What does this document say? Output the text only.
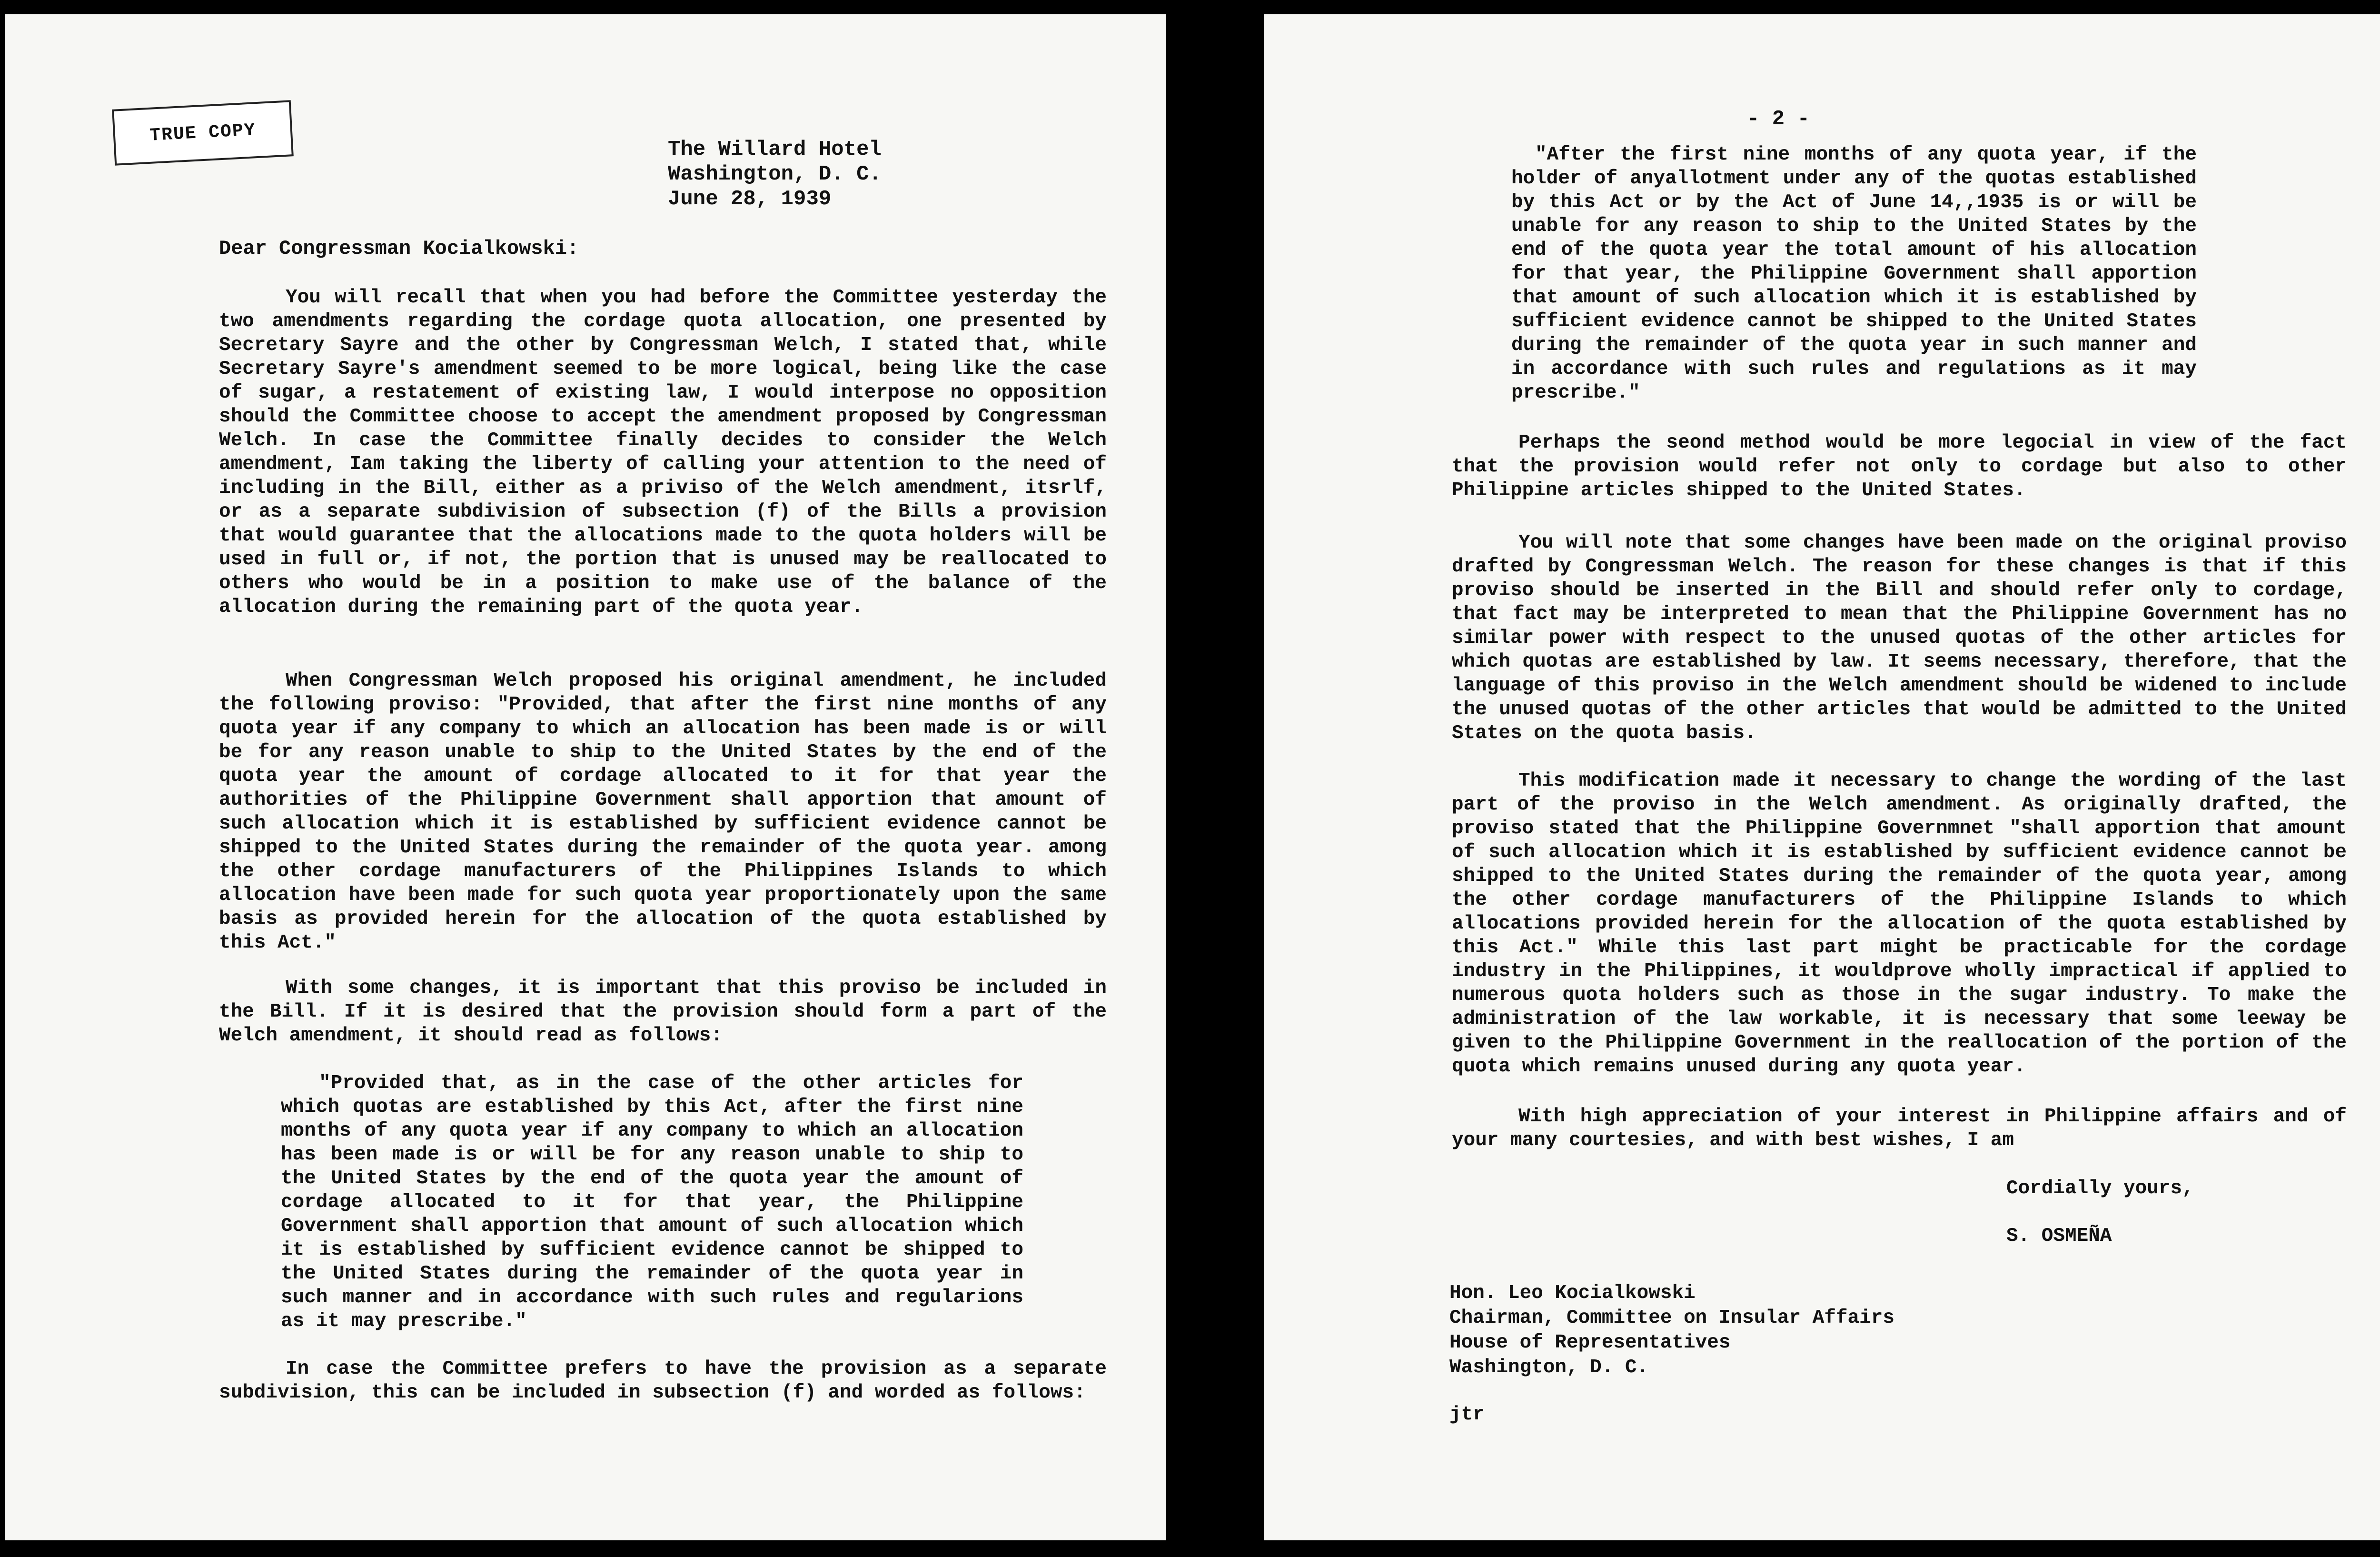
TRUE COPY
The Willard Hotel
Washington, D. C.
June 28, 1939
Dear Congressman Kocialkowski:
You will recall that when you had before the Committee yesterday the two amendments regarding the cordage quota allocation, one presented by Secretary Sayre and the other by Congressman Welch, I stated that, while Secretary Sayre's amendment seemed to be more logical, being like the case of sugar, a restatement of existing law, I would interpose no opposition should the Committee choose to accept the amendment proposed by Congressman Welch. In case the Committee finally decides to consider the Welch amendment, Iam taking the liberty of calling your attention to the need of including in the Bill, either as a priviso of the Welch amendment, itsrlf, or as a separate subdivision of subsection (f) of the Bills a provision that would guarantee that the allocations made to the quota holders will be used in full or, if not, the portion that is unused may be reallocated to others who would be in a position to make use of the balance of the allocation during the remaining part of the quota year.
When Congressman Welch proposed his original amendment, he included the following proviso: "Provided, that after the first nine months of any quota year if any company to which an allocation has been made is or will be for any reason unable to ship to the United States by the end of the quota year the amount of cordage allocated to it for that year the authorities of the Philippine Government shall apportion that amount of such allocation which it is established by sufficient evidence cannot be shipped to the United States during the remainder of the quota year. among the other cordage manufacturers of the Philippines Islands to which allocation have been made for such quota year proportionately upon the same basis as provided herein for the allocation of the quota established by this Act."
With some changes, it is important that this proviso be included in the Bill. If it is desired that the provision should form a part of the Welch amendment, it should read as follows:
"Provided that, as in the case of the other articles for which quotas are established by this Act, after the first nine months of any quota year if any company to which an allocation has been made is or will be for any reason unable to ship to the United States by the end of the quota year the amount of cordage allocated to it for that year, the Philippine Government shall apportion that amount of such allocation which it is established by sufficient evidence cannot be shipped to the United States during the remainder of the quota year in such manner and in accordance with such rules and regularions as it may prescribe."
In case the Committee prefers to have the provision as a separate subdivision, this can be included in subsection (f) and worded as follows:
- 2 -
"After the first nine months of any quota year, if the holder of anyallotment under any of the quotas established by this Act or by the Act of June 14,,1935 is or will be unable for any reason to ship to the United States by the end of the quota year the total amount of his allocation for that year, the Philippine Government shall apportion that amount of such allocation which it is established by sufficient evidence cannot be shipped to the United States during the remainder of the quota year in such manner and in accordance with such rules and regulations as it may prescribe."
Perhaps the seond method would be more legocial in view of the fact that the provision would refer not only to cordage but also to other Philippine articles shipped to the United States.
You will note that some changes have been made on the original proviso drafted by Congressman Welch. The reason for these changes is that if this proviso should be inserted in the Bill and should refer only to cordage, that fact may be interpreted to mean that the Philippine Government has no similar power with respect to the unused quotas of the other articles for which quotas are established by law. It seems necessary, therefore, that the language of this proviso in the Welch amendment should be widened to include the unused quotas of the other articles that would be admitted to the United States on the quota basis.
This modification made it necessary to change the wording of the last part of the proviso in the Welch amendment. As originally drafted, the proviso stated that the Philippine Governmnet "shall apportion that amount of such allocation which it is established by sufficient evidence cannot be shipped to the United States during the remainder of the quota year, among the other cordage manufacturers of the Philippine Islands to which allocations provided herein for the allocation of the quota established by this Act." While this last part might be practicable for the cordage industry in the Philippines, it wouldprove wholly impractical if applied to numerous quota holders such as those in the sugar industry. To make the administration of the law workable, it is necessary that some leeway be given to the Philippine Government in the reallocation of the portion of the quota which remains unused during any quota year.
With high appreciation of your interest in Philippine affairs and of your many courtesies, and with best wishes, I am
Cordially yours,
S. OSMEÑA
Hon. Leo Kocialkowski
Chairman, Committee on Insular Affairs
House of Representatives
Washington, D. C.
jtr
